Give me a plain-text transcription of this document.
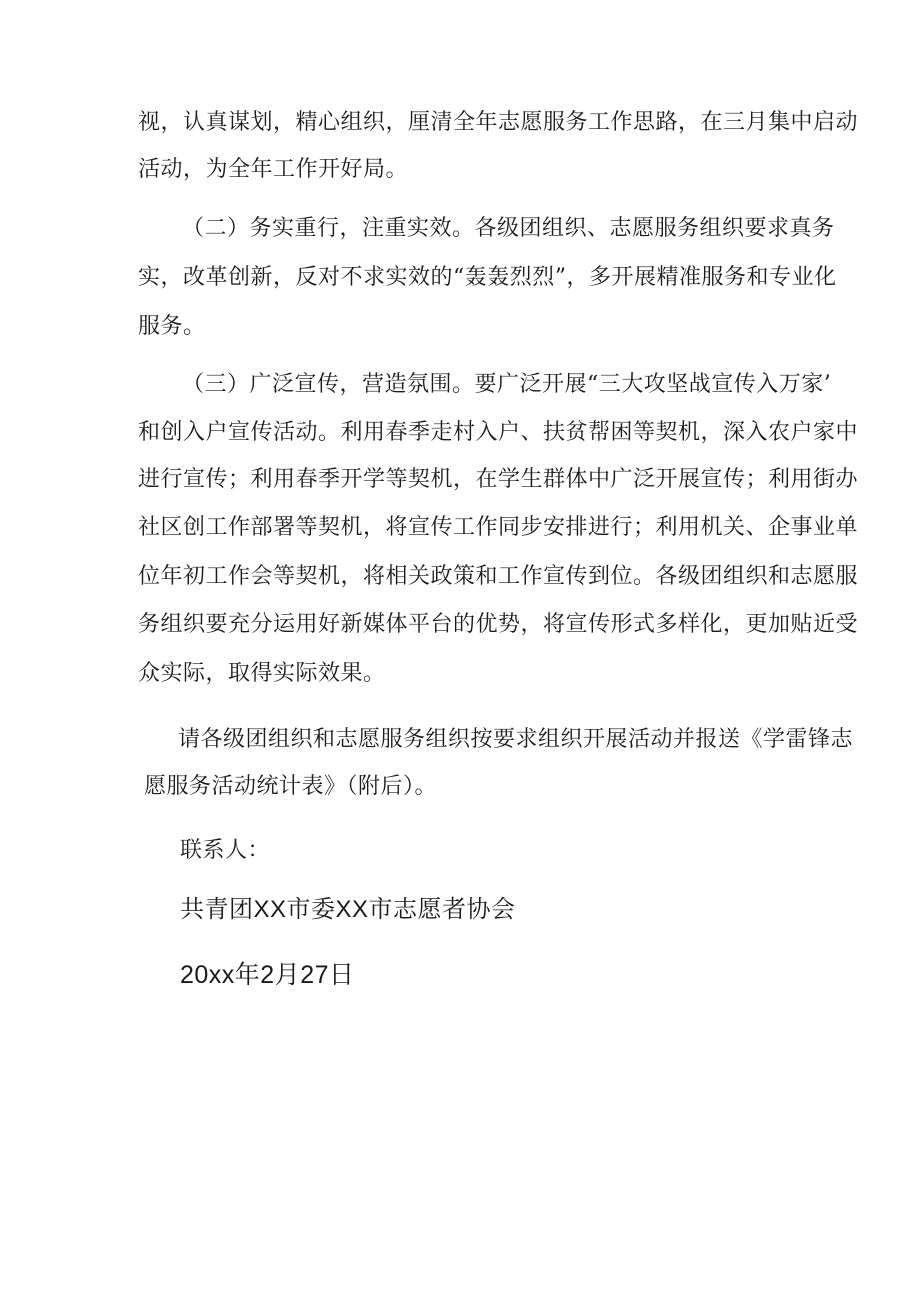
视，认真谋划，精心组织，厘清全年志愿服务工作思路，在三月集中启动
活动，为全年工作开好局。
（二）务实重行，注重实效。各级团组织、志愿服务组织要求真务
实，改革创新，反对不求实效的“轰轰烈烈”，多开展精准服务和专业化
服务。
（三）广泛宣传，营造氛围。要广泛开展“三大攻坚战宣传入万家’
和创入户宣传活动。利用春季走村入户、扶贫帮困等契机，深入农户家中
进行宣传；利用春季开学等契机，在学生群体中广泛开展宣传；利用街办
社区创工作部署等契机，将宣传工作同步安排进行；利用机关、企事业单
位年初工作会等契机，将相关政策和工作宣传到位。各级团组织和志愿服
务组织要充分运用好新媒体平台的优势，将宣传形式多样化，更加贴近受
众实际，取得实际效果。
请各级团组织和志愿服务组织按要求组织开展活动并报送《学雷锋志
愿服务活动统计表》（附后）。
联系人：
共青团XX市委XX市志愿者协会
20xx年2月27日
